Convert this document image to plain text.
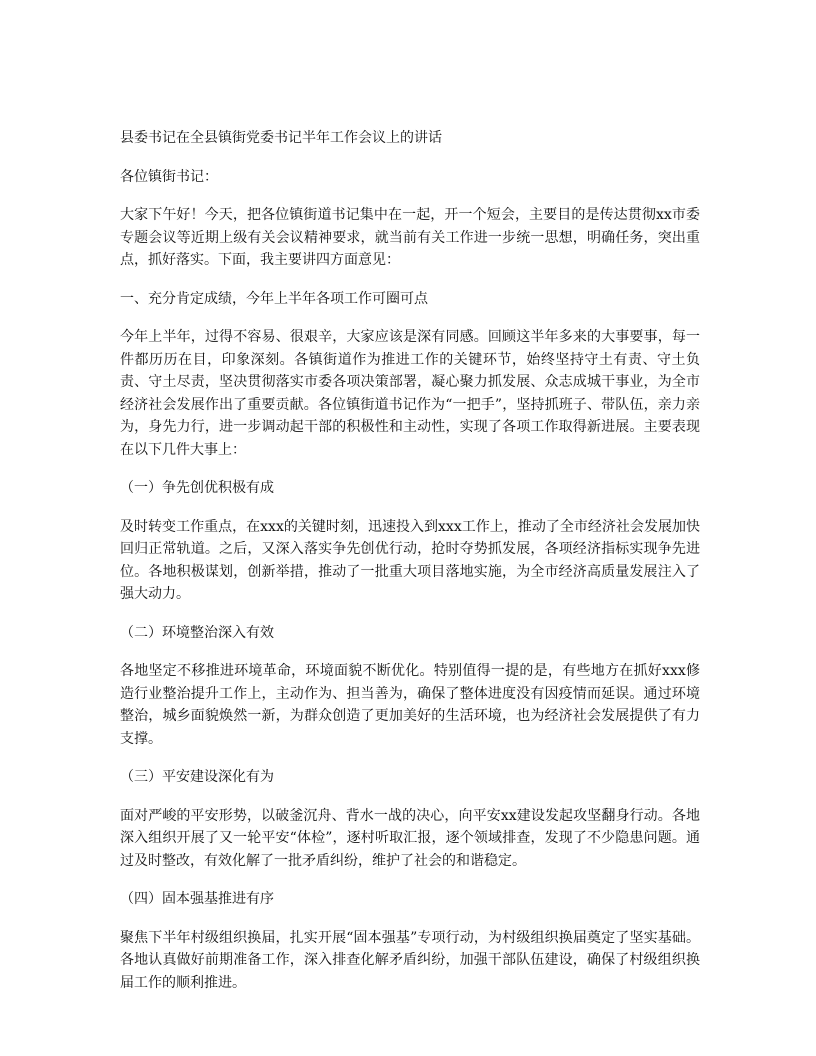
县委书记在全县镇街党委书记半年工作会议上的讲话

各位镇街书记：

大家下午好！今天，把各位镇街道书记集中在一起，开一个短会，主要目的是传达贯彻xx市委专题会议等近期上级有关会议精神要求，就当前有关工作进一步统一思想，明确任务，突出重点，抓好落实。下面，我主要讲四方面意见：

一、充分肯定成绩，今年上半年各项工作可圈可点

今年上半年，过得不容易、很艰辛，大家应该是深有同感。回顾这半年多来的大事要事，每一件都历历在目，印象深刻。各镇街道作为推进工作的关键环节，始终坚持守土有责、守土负责、守土尽责，坚决贯彻落实市委各项决策部署，凝心聚力抓发展、众志成城干事业，为全市经济社会发展作出了重要贡献。各位镇街道书记作为“一把手”，坚持抓班子、带队伍，亲力亲为，身先力行，进一步调动起干部的积极性和主动性，实现了各项工作取得新进展。主要表现在以下几件大事上：

（一）争先创优积极有成

及时转变工作重点，在xxx的关键时刻，迅速投入到xxx工作上，推动了全市经济社会发展加快回归正常轨道。之后，又深入落实争先创优行动，抢时夺势抓发展，各项经济指标实现争先进位。各地积极谋划，创新举措，推动了一批重大项目落地实施，为全市经济高质量发展注入了强大动力。

（二）环境整治深入有效

各地坚定不移推进环境革命，环境面貌不断优化。特别值得一提的是，有些地方在抓好xxx修造行业整治提升工作上，主动作为、担当善为，确保了整体进度没有因疫情而延误。通过环境整治，城乡面貌焕然一新，为群众创造了更加美好的生活环境，也为经济社会发展提供了有力支撑。

（三）平安建设深化有为

面对严峻的平安形势，以破釜沉舟、背水一战的决心，向平安xx建设发起攻坚翻身行动。各地深入组织开展了又一轮平安“体检”，逐村听取汇报，逐个领域排查，发现了不少隐患问题。通过及时整改，有效化解了一批矛盾纠纷，维护了社会的和谐稳定。

（四）固本强基推进有序

聚焦下半年村级组织换届，扎实开展“固本强基”专项行动，为村级组织换届奠定了坚实基础。各地认真做好前期准备工作，深入排查化解矛盾纠纷，加强干部队伍建设，确保了村级组织换届工作的顺利推进。
